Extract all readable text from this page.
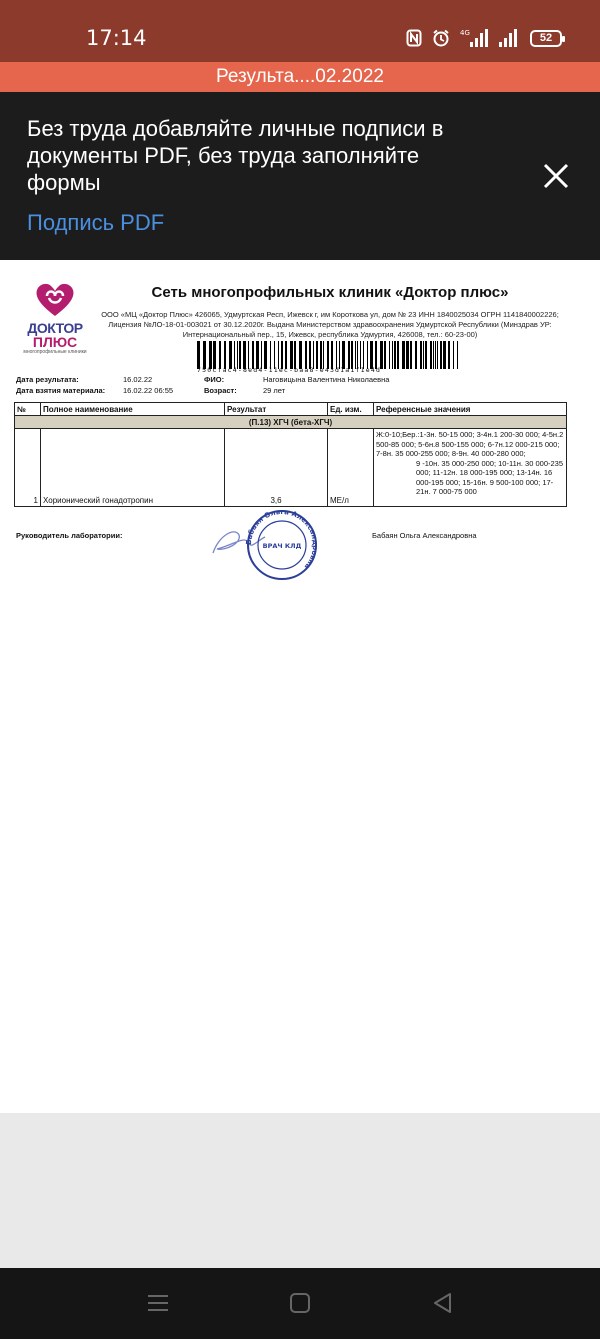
17:14	4G	52
Результа....02.2022
Без труда добавляйте личные подписи в документы PDF, без труда заполняйте формы
Подпись PDF
ДОКТОР
ПЛЮС
многопрофильные клиники
Сеть многопрофильных клиник «Доктор плюс»
ООО «МЦ «Доктор Плюс» 426065, Удмуртская Респ, Ижевск г, им Короткова ул, дом № 23 ИНН 1840025034 ОГРН 1141840002226; Лицензия №ЛО-18-01-003021 от 30.12.2020г. Выдана Министерством здравоохранения Удмуртской Республики (Минздрав УР: Интернациональный пер., 15, Ижевск, республика Удмуртия, 426008, тел.: 60-23-00)
750cfac4-8ed4-11ec-baa8-e43d1a1f1e4d
Дата результата:	16.02.22
Дата взятия материала: 16.02.22 06:55
ФИО:	Наговицына Валентина Николаевна
Возраст:	29 лет
№	Полное наименование	Результат	Ед. изм.	Референсные значения
(П.13) ХГЧ (бета-ХГЧ)				
1	Хорионический гонадотропин	3,6	МЕ/л	Ж:0-10;Бер.:1-3н. 50-15 000; 3-4н.1 200-30 000; 4-5н.2 500-85 000; 5-6н.8 500-155 000; 6-7н.12 000-215 000; 7-8н. 35 000-255 000; 8-9н. 40 000-280 000;
9 -10н. 35 000-250 000; 10-11н. 30 000-235 000; 11-12н. 18 000-195 000; 13-14н. 16 000-195 000; 15-16н. 9 500-100 000; 17-21н. 7 000-75 000
Руководитель лаборатории:
Бабаян Ольга Александровна
ВРАЧ КЛД
Бабаян Ольга Александровна
